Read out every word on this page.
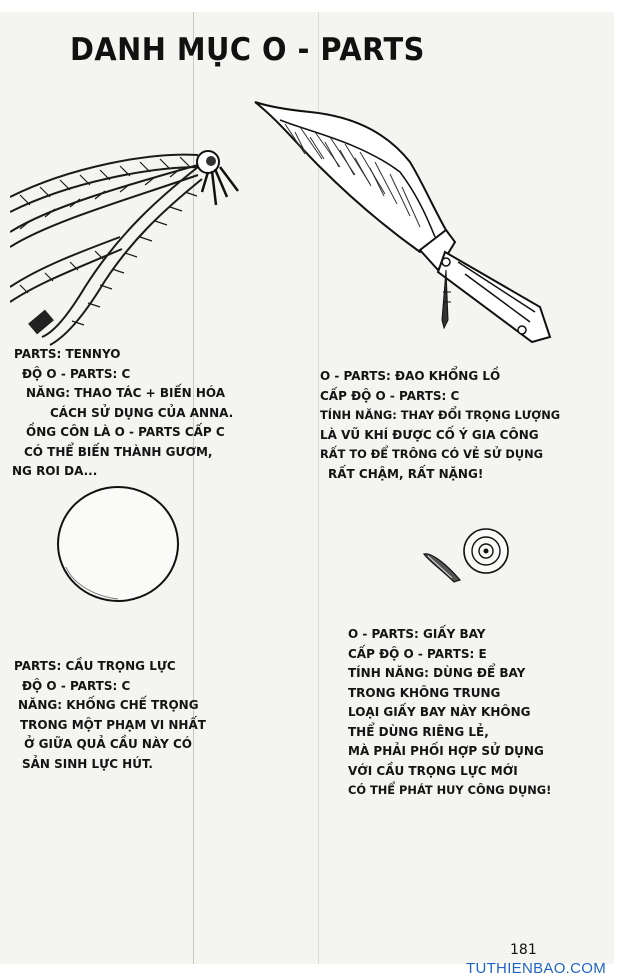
DANH MỤC O - PARTS
PARTS: TENNYO
ĐỘ O - PARTS: C
NĂNG: THAO TÁC + BIẾN HÓA
CÁCH SỬ DỤNG CỦA ANNA.
ỒNG CÔN LÀ O - PARTS CẤP C
CÓ THỂ BIẾN THÀNH GƯƠM,
NG ROI DA...
O - PARTS: ĐAO KHỔNG LỒ
CẤP ĐỘ O - PARTS: C
TÍNH NĂNG: THAY ĐỔI TRỌNG LƯỢNG
LÀ VŨ KHÍ ĐƯỢC CỐ Ý GIA CÔNG
RẤT TO ĐỂ TRÔNG CÓ VẺ SỬ DỤNG
RẤT CHẬM, RẤT NẶNG!
PARTS: CẦU TRỌNG LỰC
ĐỘ O - PARTS: C
NĂNG: KHỐNG CHẾ TRỌNG
TRONG MỘT PHẠM VI NHẤT
Ở GIỮA QUẢ CẦU NÀY CÓ
SẢN SINH LỰC HÚT.
O - PARTS: GIẤY BAY
CẤP ĐỘ O - PARTS: E
TÍNH NĂNG: DÙNG ĐỂ BAY
TRONG KHÔNG TRUNG
LOẠI GIẤY BAY NÀY KHÔNG
THỂ DÙNG RIÊNG LẺ,
MÀ PHẢI PHỐI HỢP SỬ DỤNG
VỚI CẦU TRỌNG LỰC MỚI
CÓ THỂ PHÁT HUY CÔNG DỤNG!
181
TUTHIENBAO.COM
